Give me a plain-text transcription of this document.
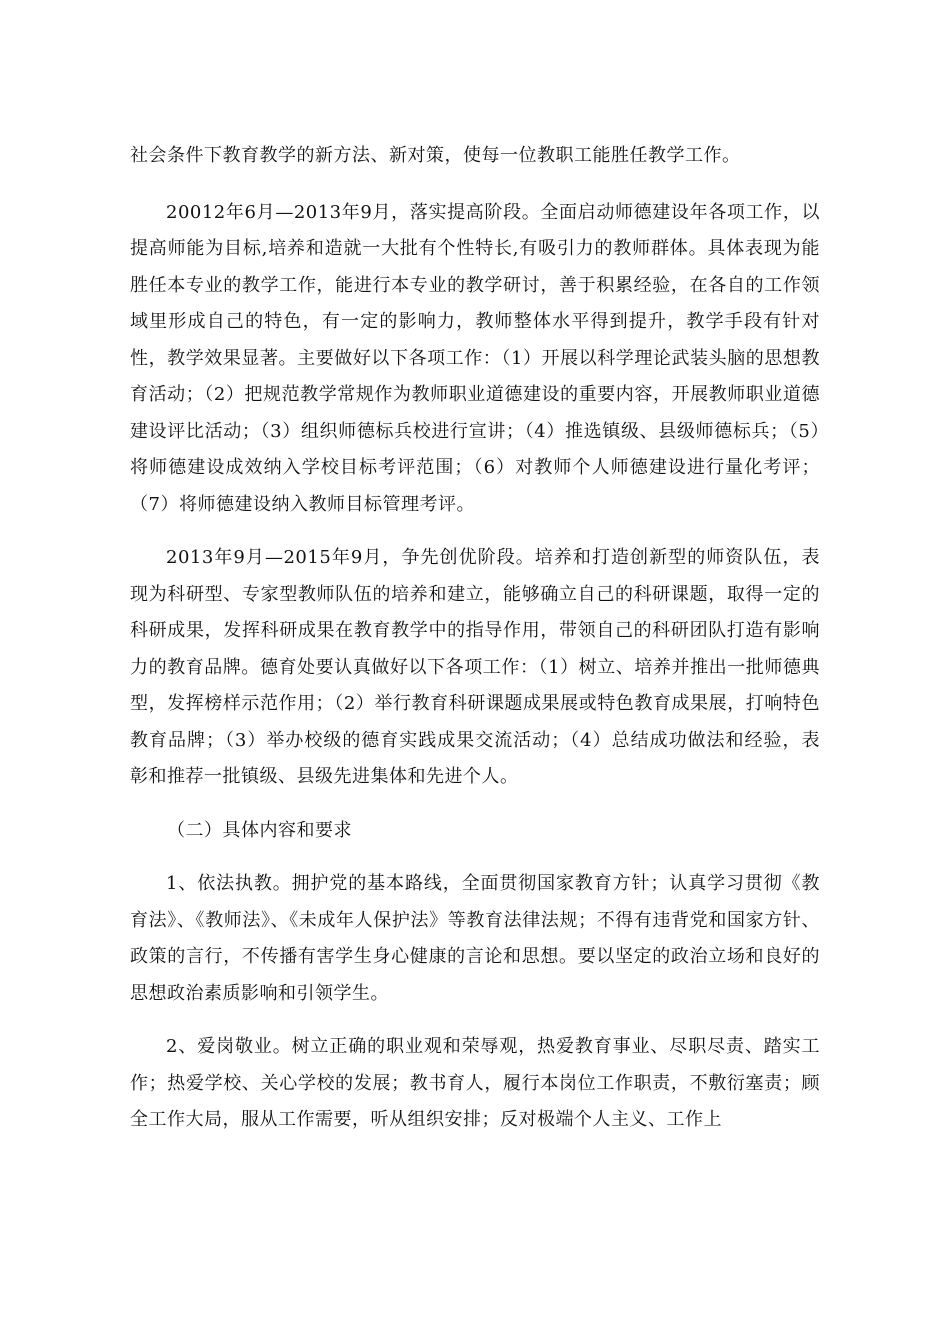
社会条件下教育教学的新方法、新对策，使每一位教职工能胜任教学工作。

20012年6月—2013年9月，落实提高阶段。全面启动师德建设年各项工作，以提高师能为目标,培养和造就一大批有个性特长,有吸引力的教师群体。具体表现为能胜任本专业的教学工作，能进行本专业的教学研讨，善于积累经验，在各自的工作领域里形成自己的特色，有一定的影响力，教师整体水平得到提升，教学手段有针对性，教学效果显著。主要做好以下各项工作：（1）开展以科学理论武装头脑的思想教育活动；（2）把规范教学常规作为教师职业道德建设的重要内容，开展教师职业道德建设评比活动；（3）组织师德标兵校进行宣讲；（4）推选镇级、县级师德标兵；（5）将师德建设成效纳入学校目标考评范围；（6）对教师个人师德建设进行量化考评；（7）将师德建设纳入教师目标管理考评。

2013年9月—2015年9月，争先创优阶段。培养和打造创新型的师资队伍，表现为科研型、专家型教师队伍的培养和建立，能够确立自己的科研课题，取得一定的科研成果，发挥科研成果在教育教学中的指导作用，带领自己的科研团队打造有影响力的教育品牌。德育处要认真做好以下各项工作：（1）树立、培养并推出一批师德典型，发挥榜样示范作用；（2）举行教育科研课题成果展或特色教育成果展，打响特色教育品牌；（3）举办校级的德育实践成果交流活动；（4）总结成功做法和经验，表彰和推荐一批镇级、县级先进集体和先进个人。

（二）具体内容和要求

1、依法执教。拥护党的基本路线，全面贯彻国家教育方针；认真学习贯彻《教育法》、《教师法》、《未成年人保护法》等教育法律法规；不得有违背党和国家方针、政策的言行，不传播有害学生身心健康的言论和思想。要以坚定的政治立场和良好的思想政治素质影响和引领学生。

2、爱岗敬业。树立正确的职业观和荣辱观，热爱教育事业、尽职尽责、踏实工作；热爱学校、关心学校的发展；教书育人，履行本岗位工作职责，不敷衍塞责；顾全工作大局，服从工作需要，听从组织安排；反对极端个人主义、工作上
